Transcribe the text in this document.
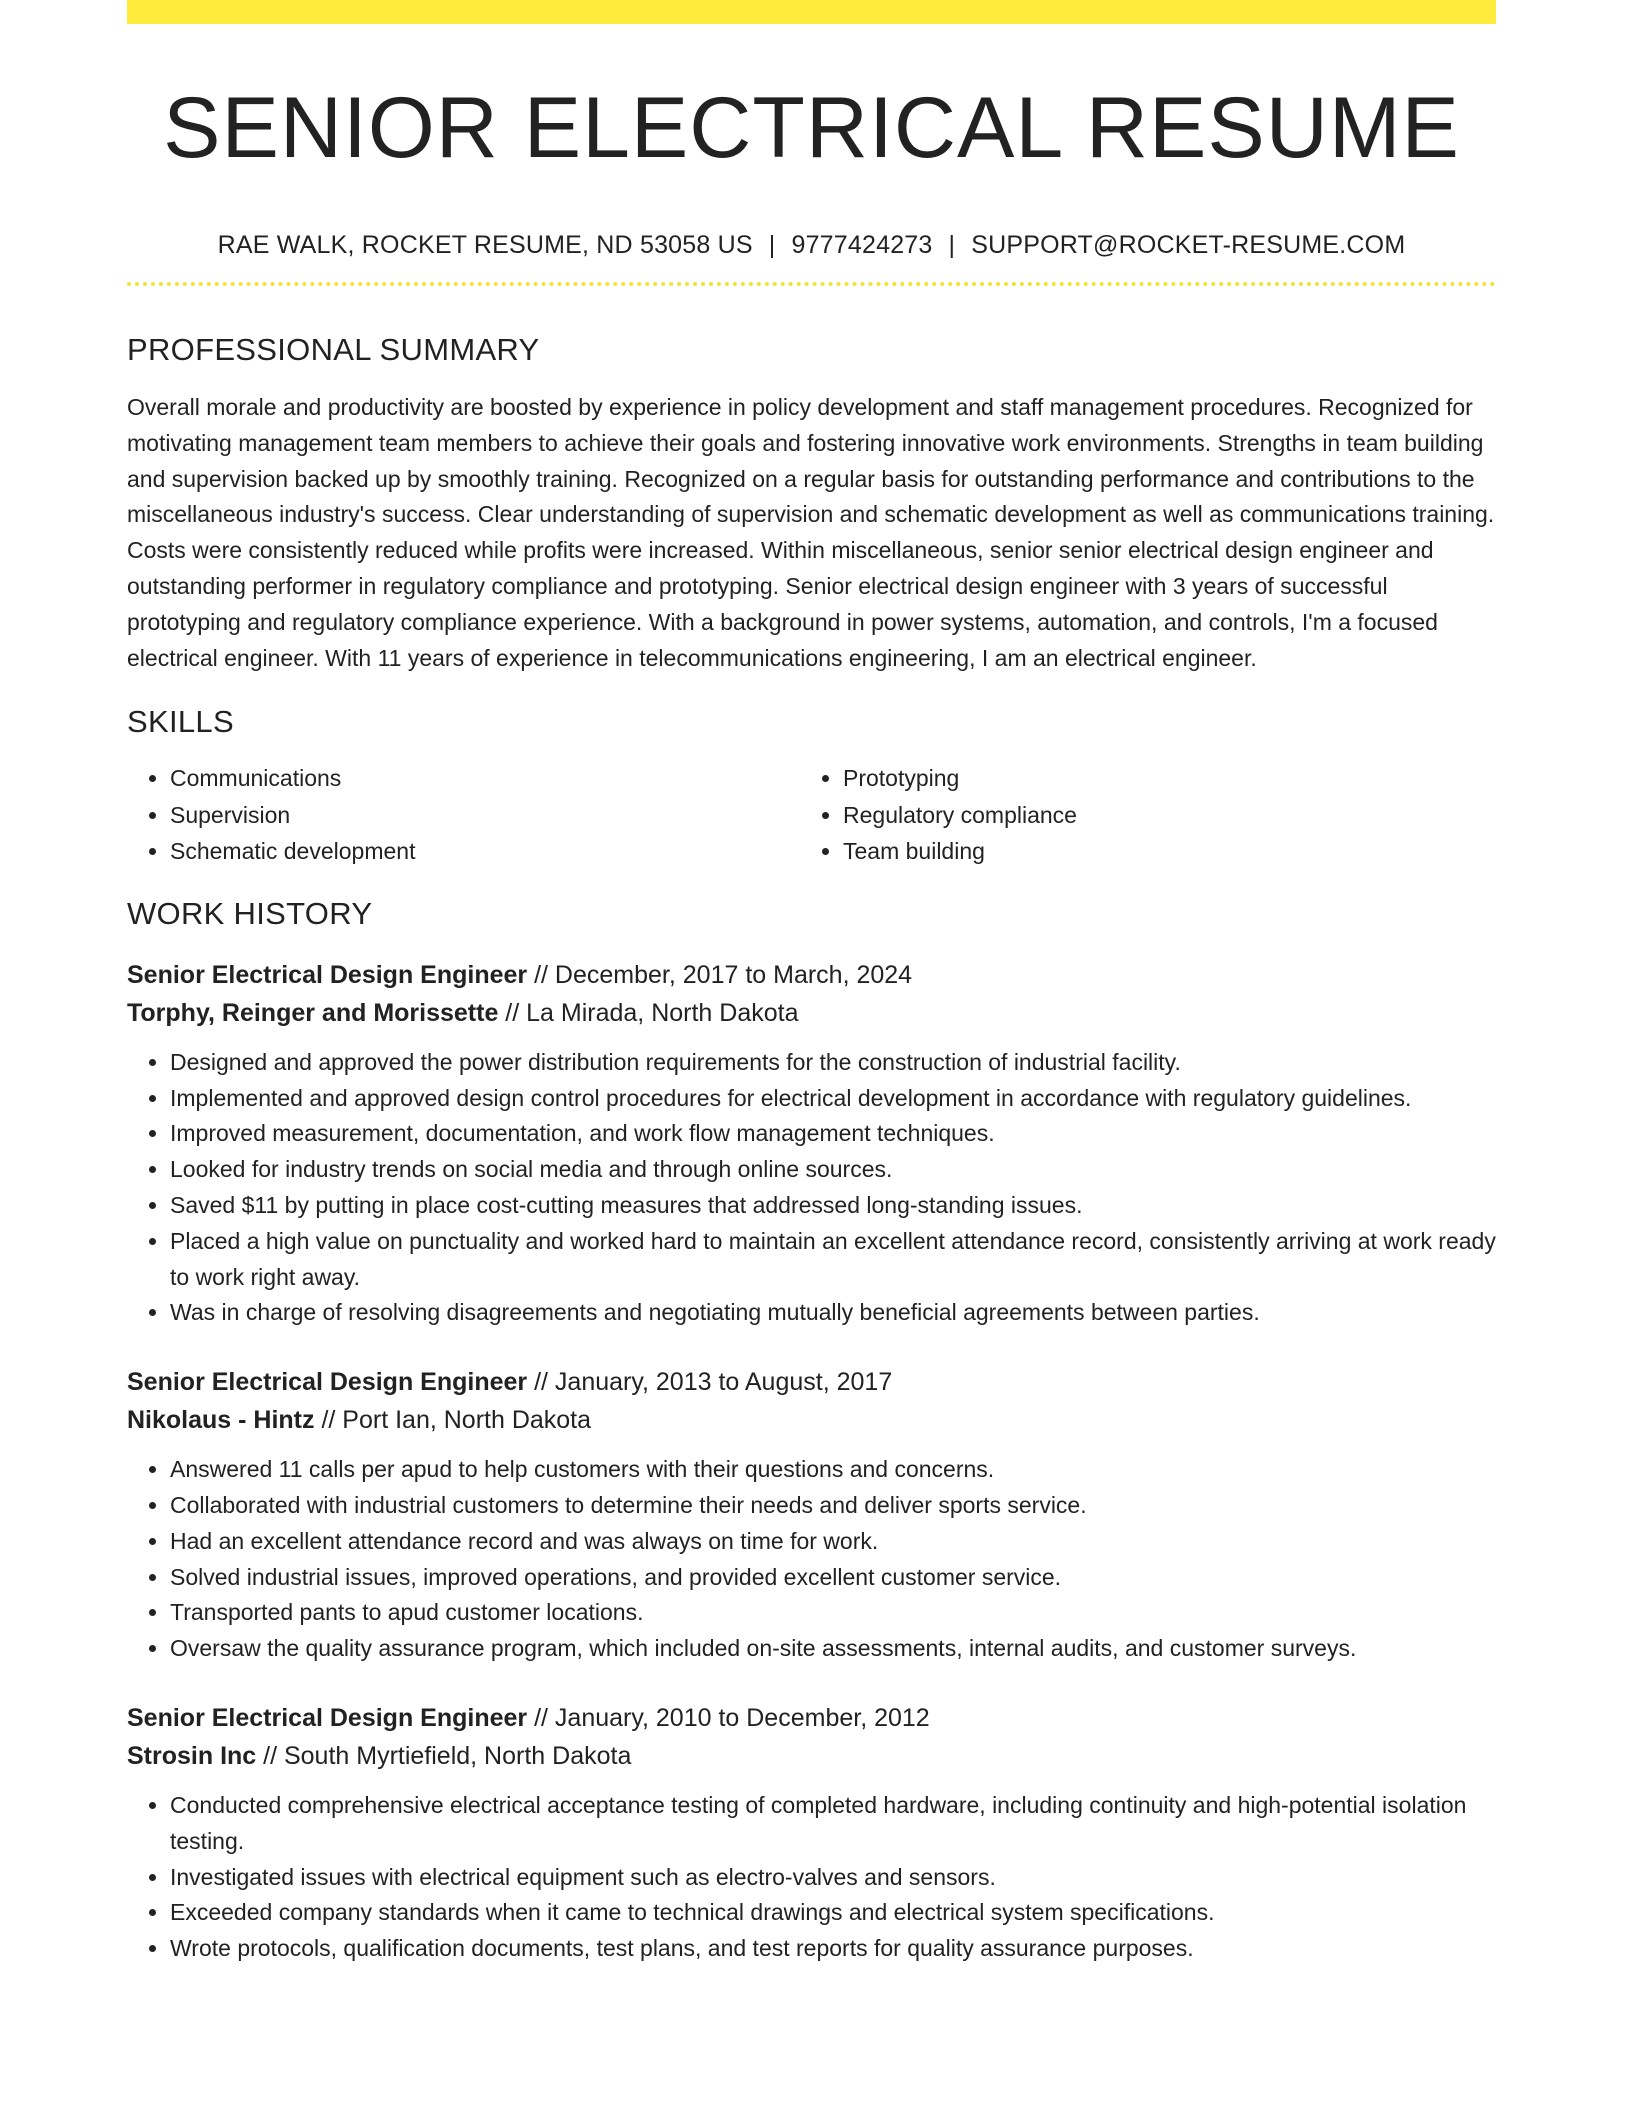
SENIOR ELECTRICAL RESUME
RAE WALK, ROCKET RESUME, ND 53058 US | 9777424273 | SUPPORT@ROCKET-RESUME.COM
PROFESSIONAL SUMMARY

Overall morale and productivity are boosted by experience in policy development and staff management procedures. Recognized for motivating management team members to achieve their goals and fostering innovative work environments. Strengths in team building and supervision backed up by smoothly training. Recognized on a regular basis for outstanding performance and contributions to the miscellaneous industry's success. Clear understanding of supervision and schematic development as well as communications training. Costs were consistently reduced while profits were increased. Within miscellaneous, senior senior electrical design engineer and outstanding performer in regulatory compliance and prototyping. Senior electrical design engineer with 3 years of successful prototyping and regulatory compliance experience. With a background in power systems, automation, and controls, I'm a focused electrical engineer. With 11 years of experience in telecommunications engineering, I am an electrical engineer.

SKILLS
• Communications
• Supervision
• Schematic development
• Prototyping
• Regulatory compliance
• Team building
WORK HISTORY
Senior Electrical Design Engineer // December, 2017 to March, 2024
Torphy, Reinger and Morissette // La Mirada, North Dakota
• Designed and approved the power distribution requirements for the construction of industrial facility.
• Implemented and approved design control procedures for electrical development in accordance with regulatory guidelines.
• Improved measurement, documentation, and work flow management techniques.
• Looked for industry trends on social media and through online sources.
• Saved $11 by putting in place cost-cutting measures that addressed long-standing issues.
• Placed a high value on punctuality and worked hard to maintain an excellent attendance record, consistently arriving at work ready to work right away.
• Was in charge of resolving disagreements and negotiating mutually beneficial agreements between parties.
Senior Electrical Design Engineer // January, 2013 to August, 2017
Nikolaus - Hintz // Port Ian, North Dakota
• Answered 11 calls per apud to help customers with their questions and concerns.
• Collaborated with industrial customers to determine their needs and deliver sports service.
• Had an excellent attendance record and was always on time for work.
• Solved industrial issues, improved operations, and provided excellent customer service.
• Transported pants to apud customer locations.
• Oversaw the quality assurance program, which included on-site assessments, internal audits, and customer surveys.
Senior Electrical Design Engineer // January, 2010 to December, 2012
Strosin Inc // South Myrtiefield, North Dakota
• Conducted comprehensive electrical acceptance testing of completed hardware, including continuity and high-potential isolation testing.
• Investigated issues with electrical equipment such as electro-valves and sensors.
• Exceeded company standards when it came to technical drawings and electrical system specifications.
• Wrote protocols, qualification documents, test plans, and test reports for quality assurance purposes.
